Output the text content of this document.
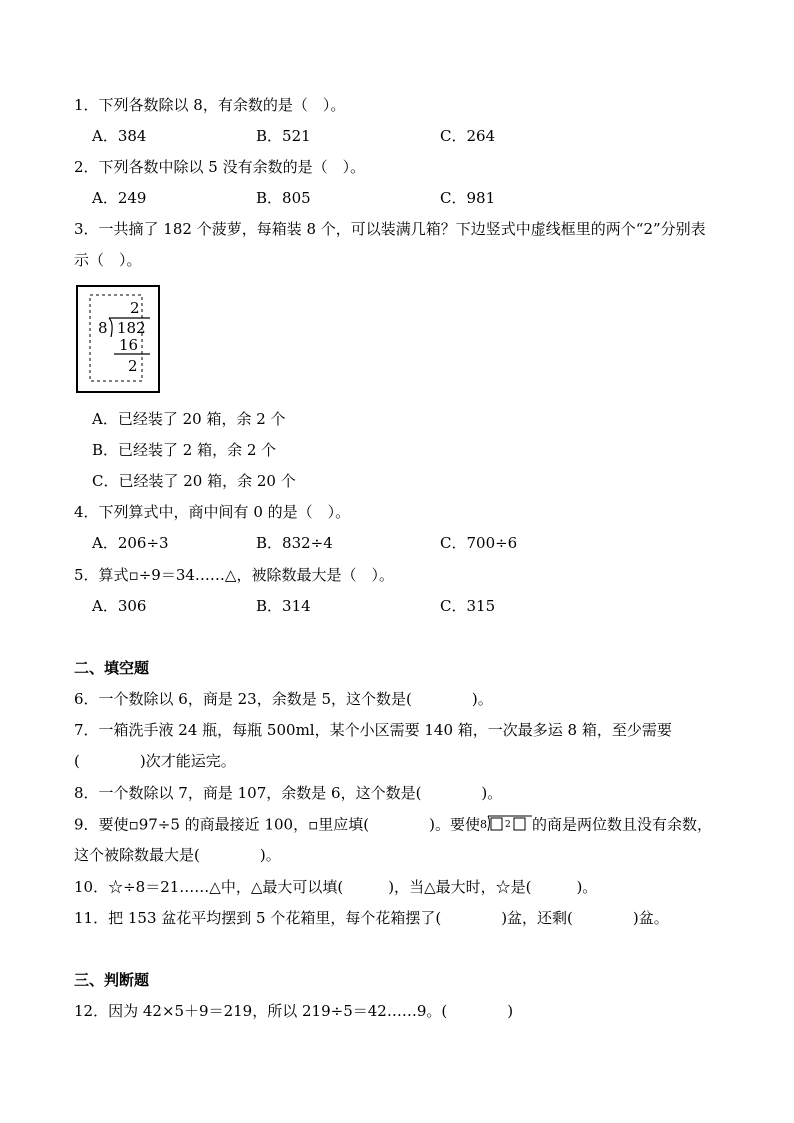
1．下列各数除以 8，有余数的是（　）。
A．384	B．521	C．264
2．下列各数中除以 5 没有余数的是（　）。
A．249	B．805	C．981
3．一共摘了 182 个菠萝，每箱装 8 个，可以装满几箱？下边竖式中虚线框里的两个“2”分别表
示（　）。
2
8 182
16
2
A．已经装了 20 箱，余 2 个
B．已经装了 2 箱，余 2 个
C．已经装了 20 箱，余 20 个
4．下列算式中，商中间有 0 的是（　）。
A．206÷3	B．832÷4	C．700÷6
5．算式▫÷9＝34……△，被除数最大是（　）。
A．306	B．314	C．315
二、填空题
6．一个数除以 6，商是 23，余数是 5，这个数是(　　　　)。
7．一箱洗手液 24 瓶，每瓶 500ml，某个小区需要 140 箱，一次最多运 8 箱，至少需要
(　　　　)次才能运完。
8．一个数除以 7，商是 107，余数是 6，这个数是(　　　　)。
9．要使▫97÷5 的商最接近 100，▫里应填(　　　　)。要使 8 2 的商是两位数且没有余数，
这个被除数最大是(　　　　)。
10．☆÷8＝21……△中，△最大可以填(　　　)，当△最大时，☆是(　　　)。
11．把 153 盆花平均摆到 5 个花箱里，每个花箱摆了(　　　　)盆，还剩(　　　　)盆。
三、判断题
12．因为 42×5＋9＝219，所以 219÷5＝42……9。(　　　　)
